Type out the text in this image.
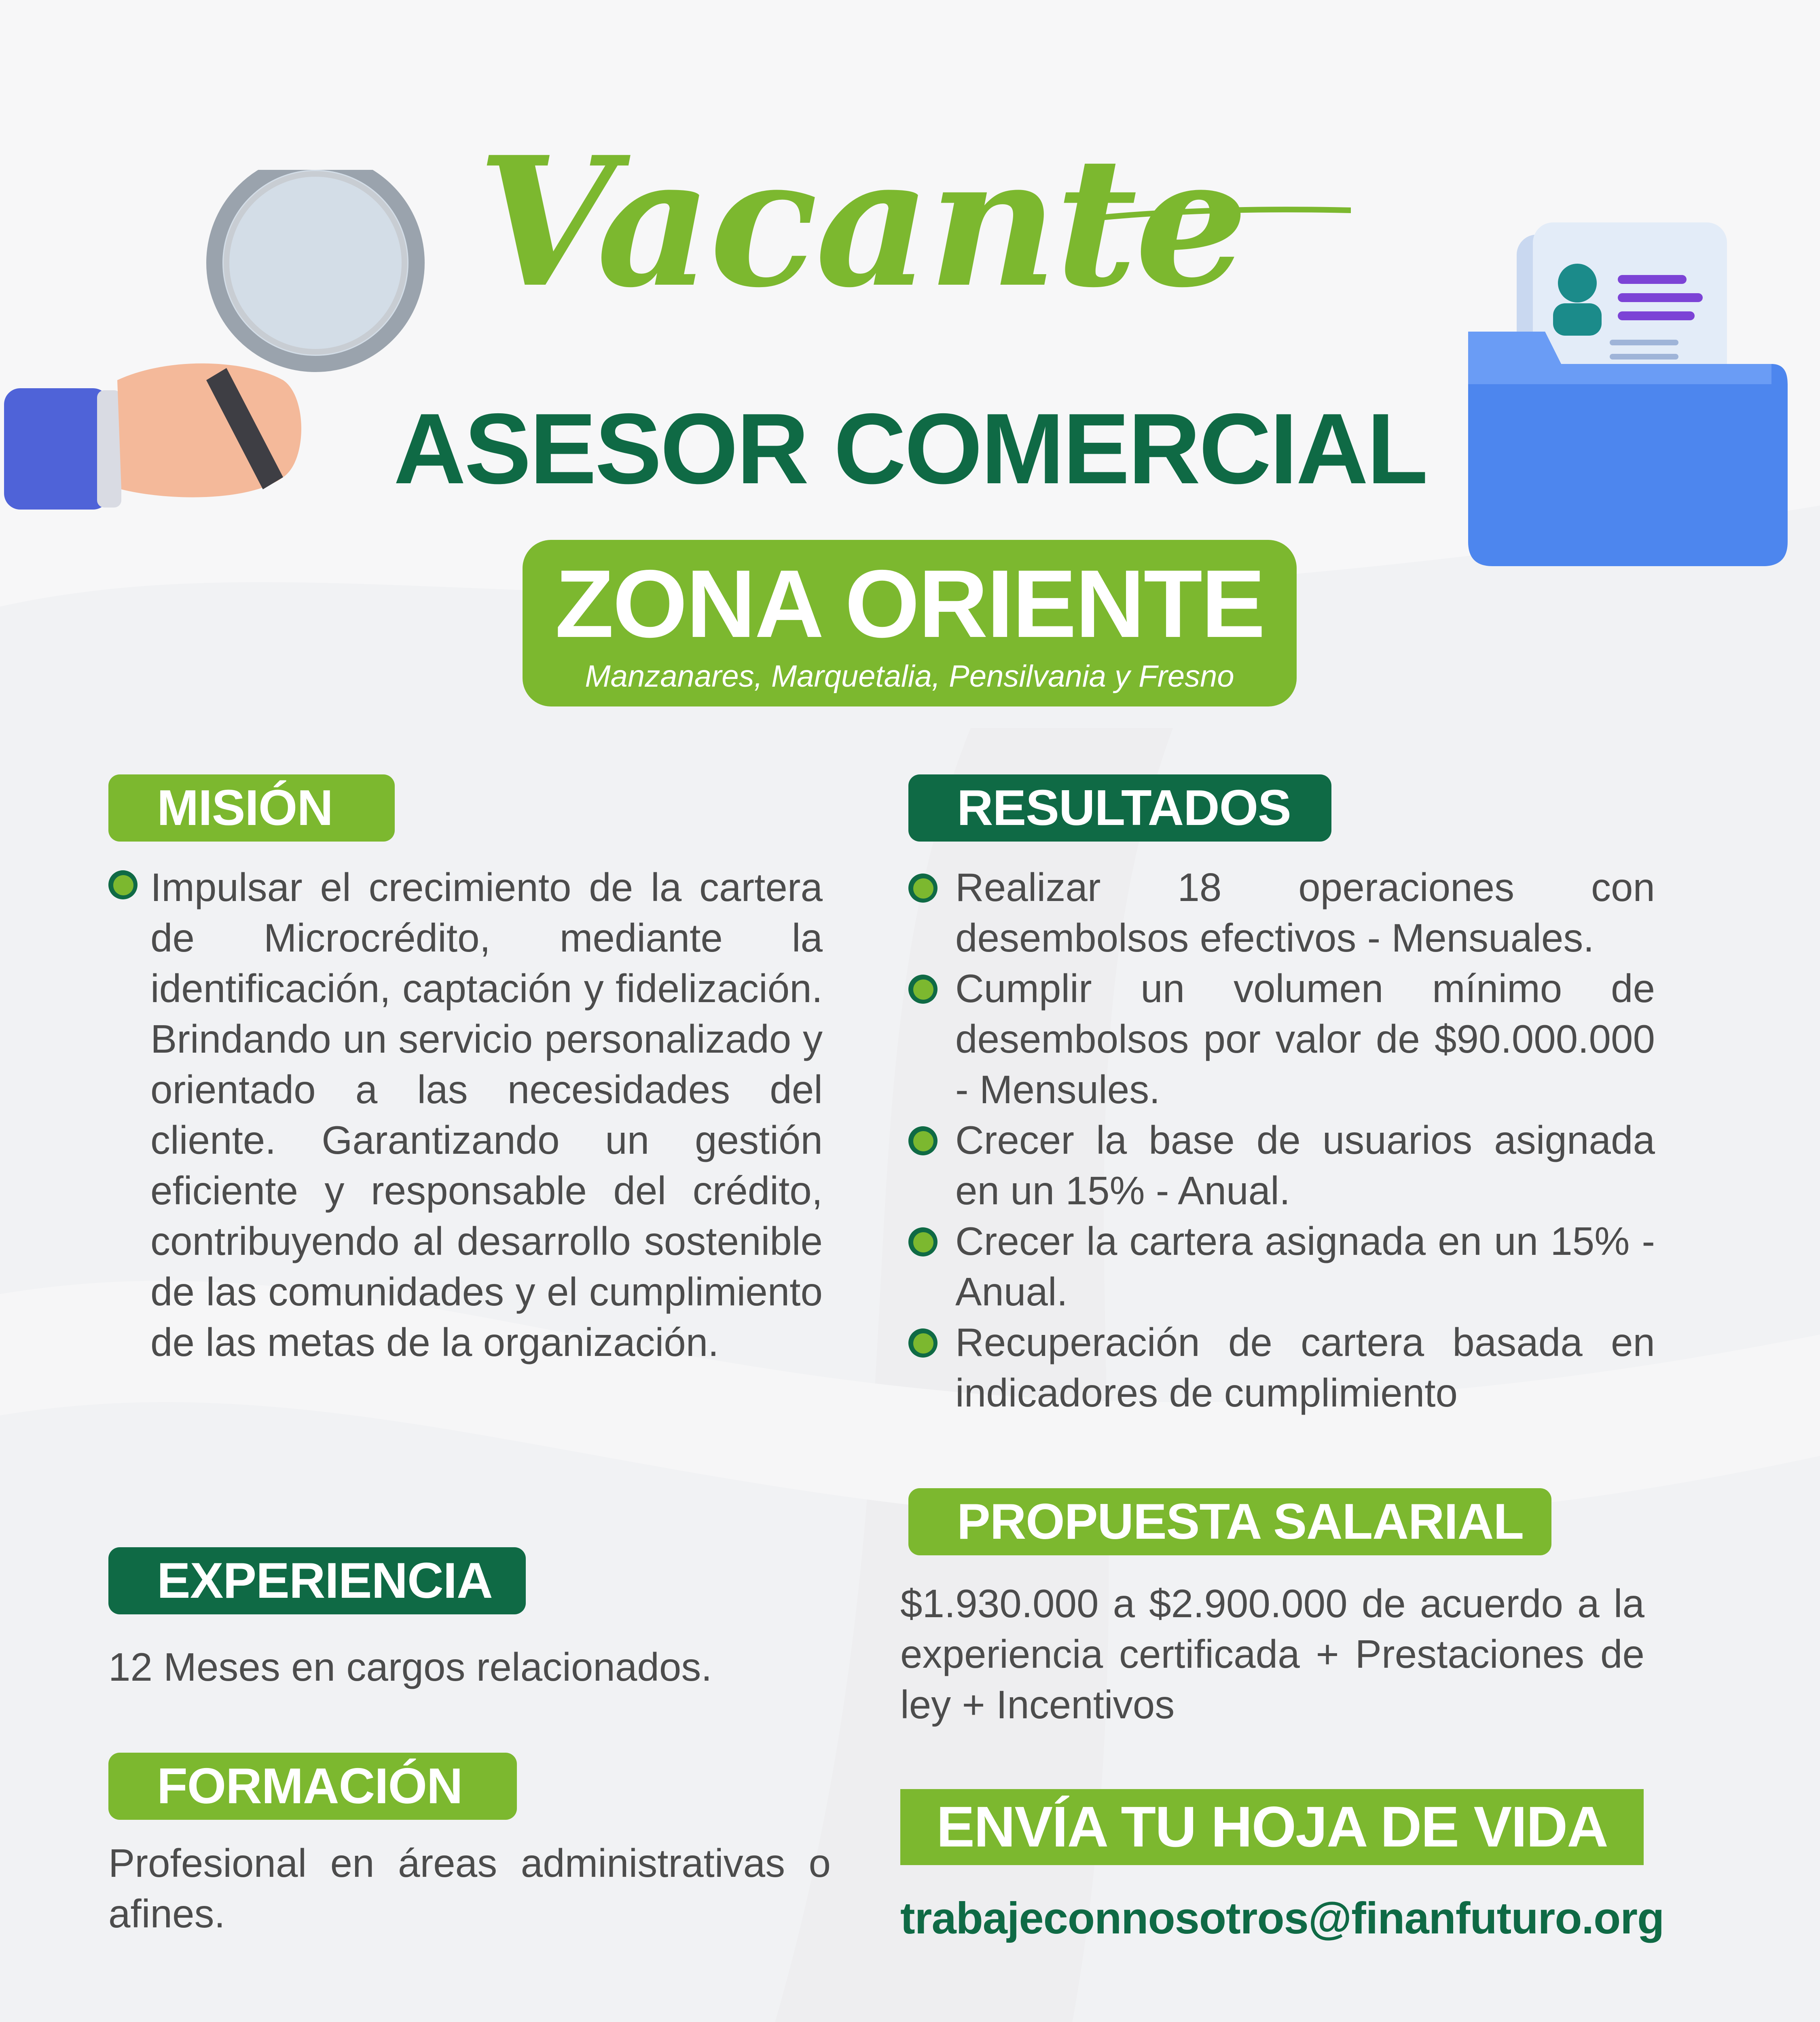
Vacante
ASESOR COMERCIAL
ZONA ORIENTE
Manzanares, Marquetalia, Pensilvania y Fresno
MISIÓN
Impulsar el crecimiento de la cartera de Microcrédito, mediante la identificación, captación y fidelización. Brindando un servicio personalizado y orientado a las necesidades del cliente. Garantizando un gestión eficiente y responsable del crédito, contribuyendo al desarrollo sostenible de las comunidades y el cumplimiento de las metas de la organización.
EXPERIENCIA
12 Meses en cargos relacionados.
FORMACIÓN
Profesional en áreas administrativas o afines.
RESULTADOS
Realizar 18 operaciones con desembolsos efectivos - Mensuales.
Cumplir un volumen mínimo de desembolsos por valor de $90.000.000 - Mensules.
Crecer la base de usuarios asignada en un 15% - Anual.
Crecer la cartera asignada en un 15% - Anual.
Recuperación de cartera basada en indicadores de cumplimiento
PROPUESTA SALARIAL
$1.930.000 a $2.900.000 de acuerdo a la experiencia certificada + Prestaciones de ley + Incentivos
ENVÍA TU HOJA DE VIDA
trabajeconnosotros@finanfuturo.org
